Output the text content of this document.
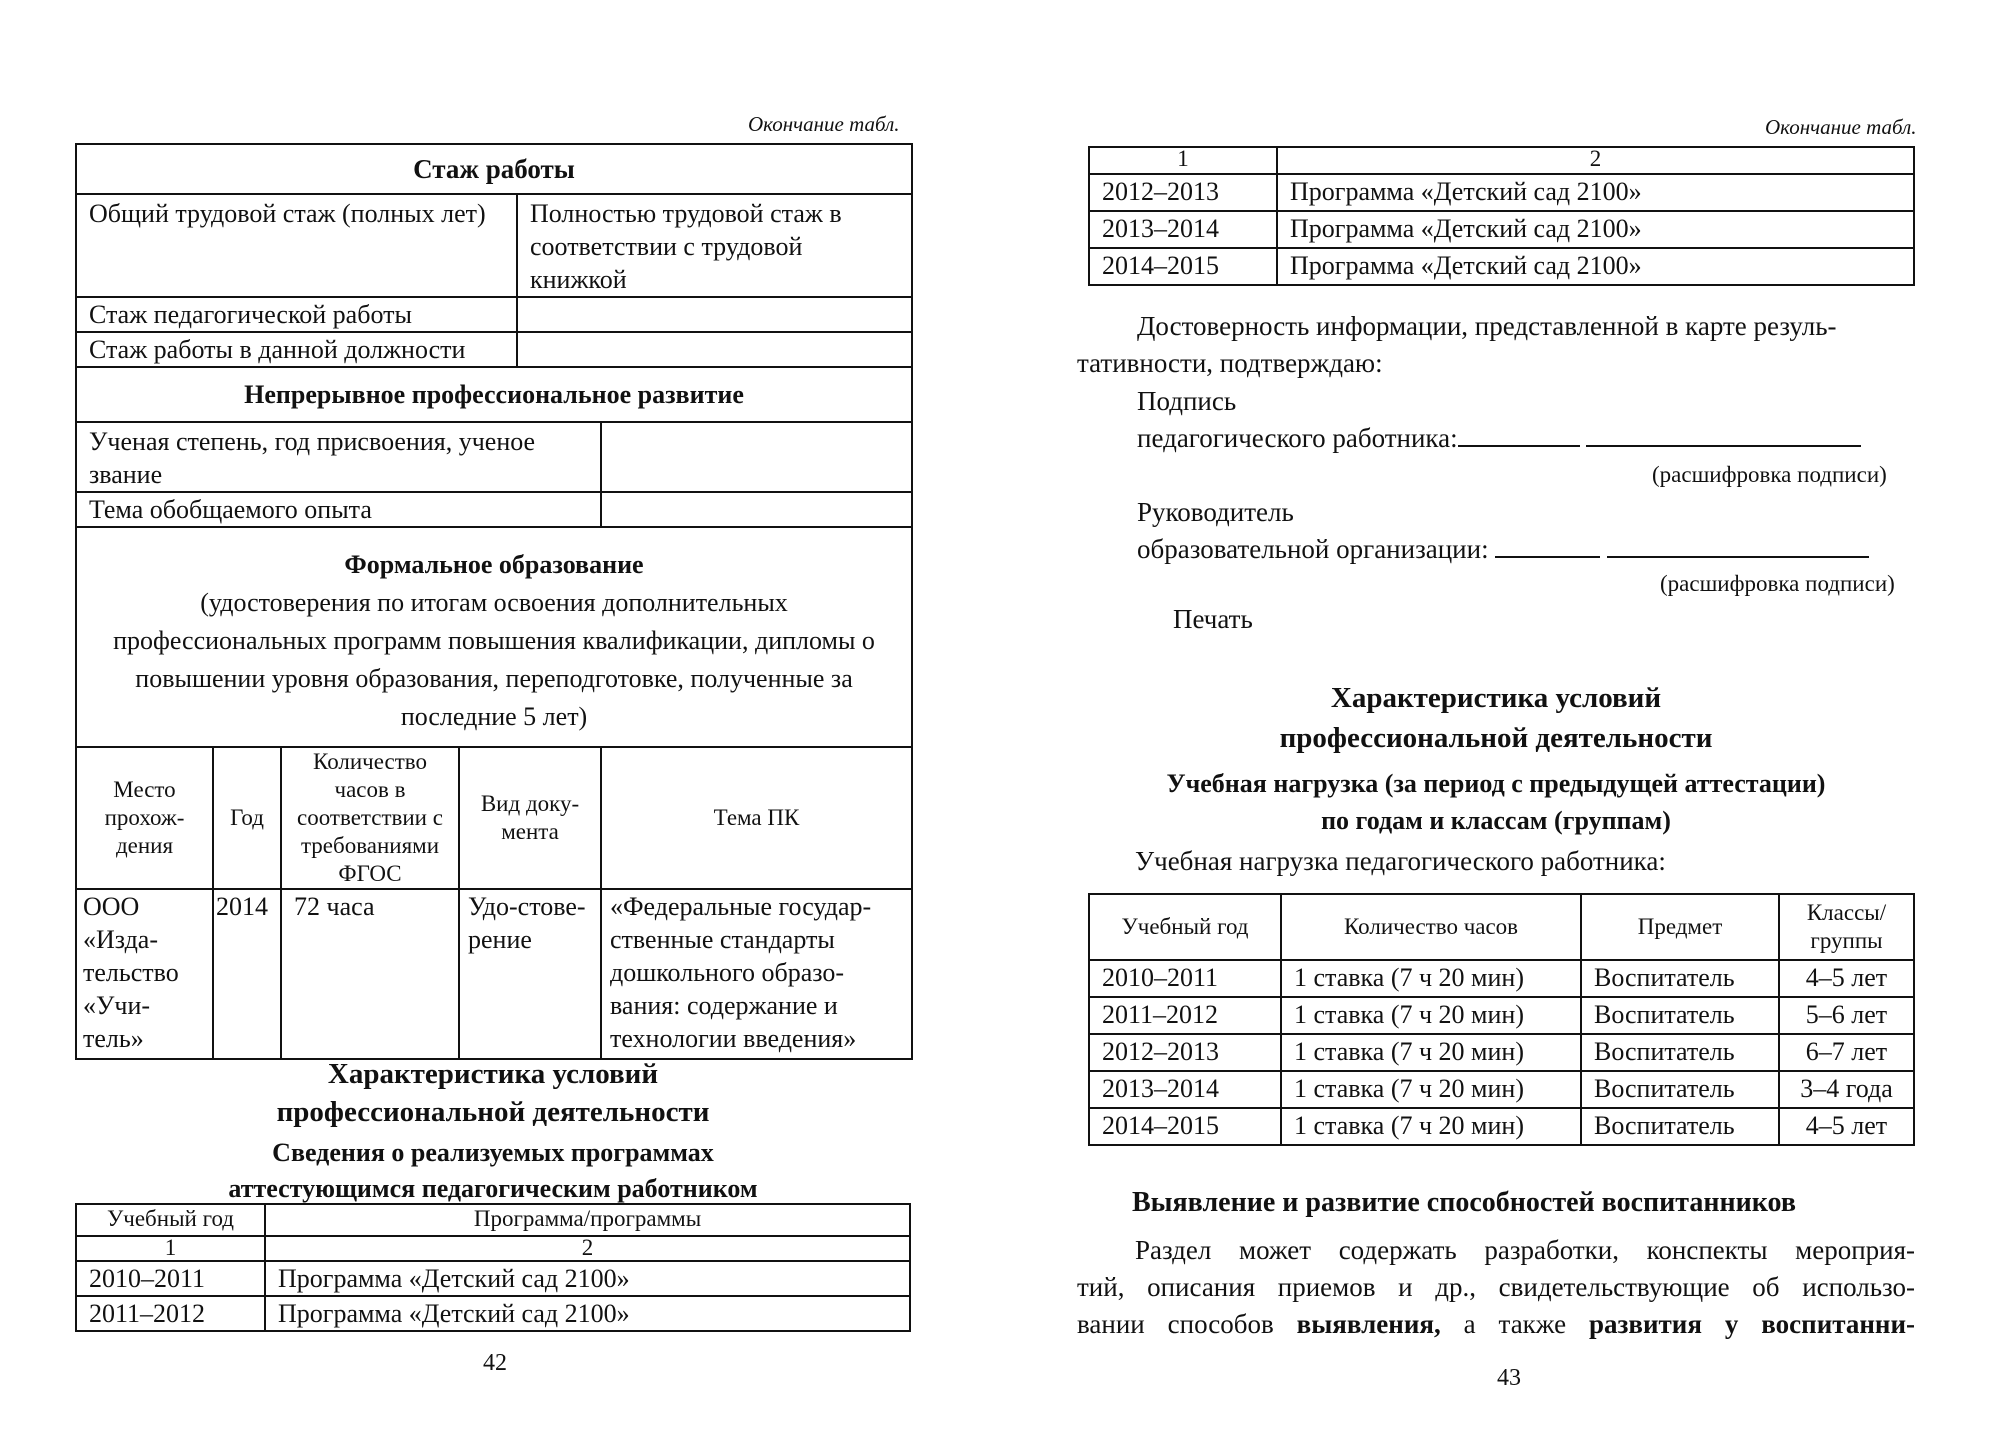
Окончание табл.
Стаж работы					
Общий трудовой стаж (полных лет)				Полностью трудовой стаж в соответствии с трудовой книжкой	
Стаж педагогической работы					
Стаж работы в данной должности					
Непрерывное профессиональное развитие					
Ученая степень, год присвоения, ученое звание					
Тема обобщаемого опыта					

Формальное образование
(удостоверения по итогам освоения дополнительных профессиональных программ повышения квалификации, дипломы о повышении уровня образования, переподготовке, полученные за последние 5 лет)					

Место прохож-дения	Год	Количество часов в соответствии с требованиями ФГОС	Вид доку-мента		Тема ПК
ООО «Изда-тельство «Учи-тель»	2014	72 часа	Удо-стове-рение		«Федеральные государ-ственные стандарты дошкольного образо-вания: содержание и технологии введения»
Характеристика условий
профессиональной деятельности
Сведения о реализуемых программах
аттестующимся педагогическим работником
Учебный год	Программа/программы
1	2
2010–2011	Программа «Детский сад 2100»
2011–2012	Программа «Детский сад 2100»
42
Окончание табл.
1	2
2012–2013	Программа «Детский сад 2100»
2013–2014	Программа «Детский сад 2100»
2014–2015	Программа «Детский сад 2100»
Достоверность информации, представленной в карте резуль-
тативности, подтверждаю:
Подпись
педагогического работника:
(расшифровка подписи)
Руководитель
образовательной организации:
(расшифровка подписи)
Печать
Характеристика условий
профессиональной деятельности
Учебная нагрузка (за период с предыдущей аттестации)
по годам и классам (группам)
Учебная нагрузка педагогического работника:
Учебный год	Количество часов	Предмет	Классы/ группы
2010–2011	1 ставка (7 ч 20 мин)	Воспитатель	4–5 лет
2011–2012	1 ставка (7 ч 20 мин)	Воспитатель	5–6 лет
2012–2013	1 ставка (7 ч 20 мин)	Воспитатель	6–7 лет
2013–2014	1 ставка (7 ч 20 мин)	Воспитатель	3–4 года
2014–2015	1 ставка (7 ч 20 мин)	Воспитатель	4–5 лет
Выявление и развитие способностей воспитанников
Раздел может содержать разработки, конспекты мероприя-
тий, описания приемов и др., свидетельствующие об использо-
вании способов выявления, а также развития у воспитанни-
43
